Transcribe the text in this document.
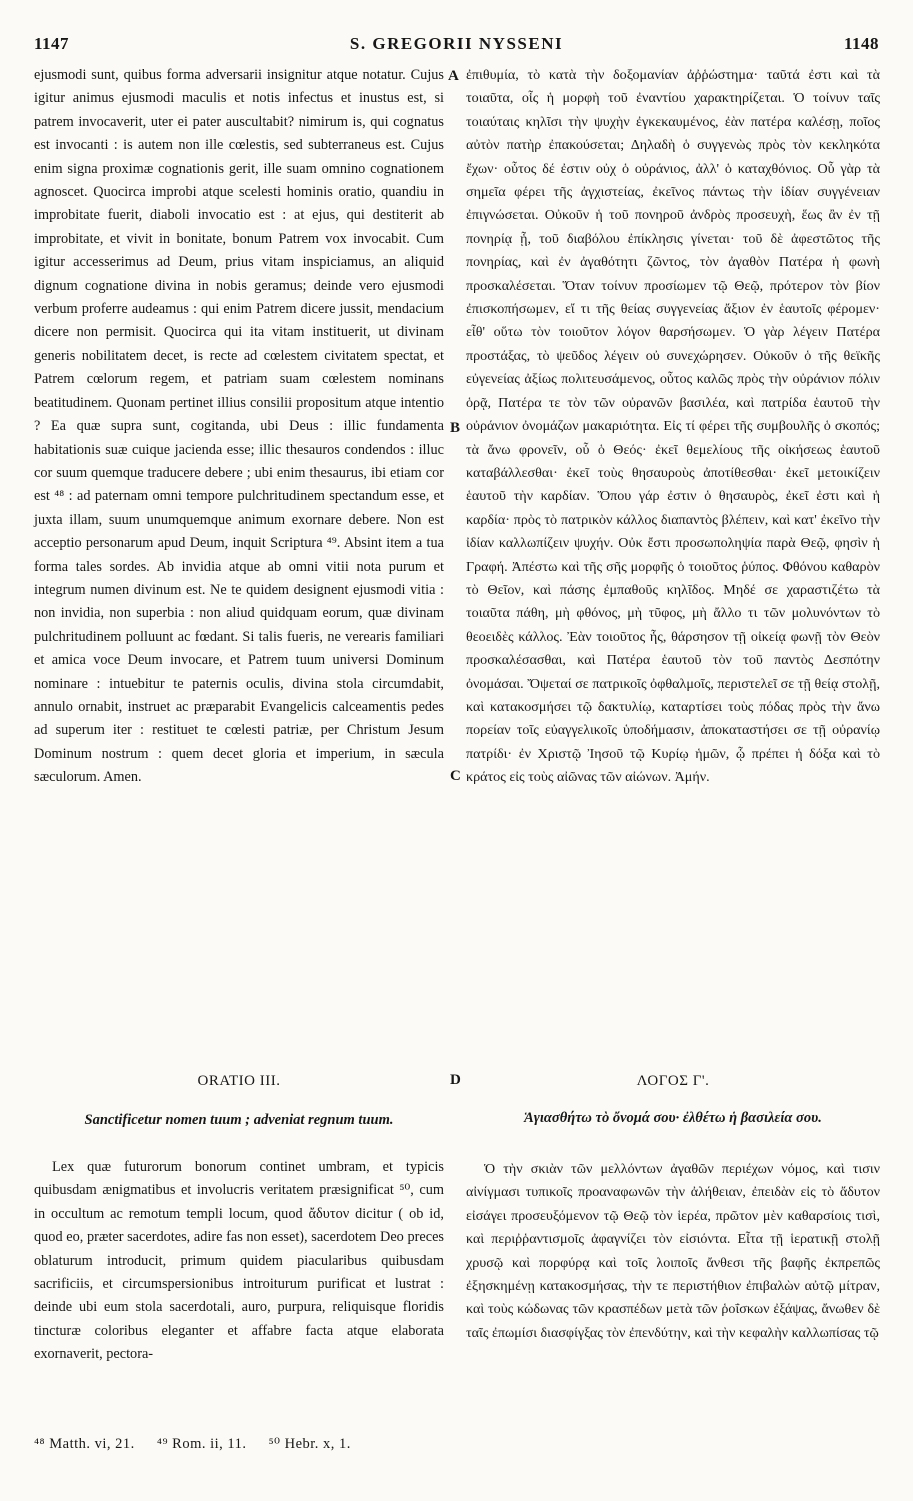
1147	S. GREGORII NYSSENI	1148

ejusmodi sunt, quibus forma adversarii insignitur atque notatur. Cujus igitur animus ejusmodi maculis et notis infectus et inustus est, si patrem invocaverit, uter ei pater auscultabit? nimirum is, qui cognatus est invocanti : is autem non ille cœlestis, sed subterraneus est. Cujus enim signa proximæ cognationis gerit, ille suam omnino cognationem agnoscet. Quocirca improbi atque scelesti hominis oratio, quandiu in improbitate fuerit, diaboli invocatio est : at ejus, qui destiterit ab improbitate, et vivit in bonitate, bonum Patrem vox invocabit. Cum igitur accesserimus ad Deum, prius vitam inspiciamus, an aliquid dignum cognatione divina in nobis geramus; deinde vero ejusmodi verbum proferre audeamus : qui enim Patrem dicere jussit, mendacium dicere non permisit. Quocirca qui ita vitam instituerit, ut divinam generis nobilitatem decet, is recte ad cœlestem civitatem spectat, et Patrem cœlorum regem, et patriam suam cœlestem nominans beatitudinem. Quonam pertinet illius consilii propositum atque intentio ? Ea quæ supra sunt, cogitanda, ubi Deus : illic fundamenta habitationis suæ cuique jacienda esse; illic thesauros condendos : illuc cor suum quemque traducere debere ; ubi enim thesaurus, ibi etiam cor est ⁴⁸ : ad paternam omni tempore pulchritudinem spectandum esse, et juxta illam, suum unumquemque animum exornare debere. Non est acceptio personarum apud Deum, inquit Scriptura ⁴⁹. Absint item a tua forma tales sordes. Ab invidia atque ab omni vitii nota purum et integrum numen divinum est. Ne te quidem designent ejusmodi vitia : non invidia, non superbia : non aliud quidquam eorum, quæ divinam pulchritudinem polluunt ac fœdant. Si talis fueris, ne verearis familiari et amica voce Deum invocare, et Patrem tuum universi Dominum nominare : intuebitur te paternis oculis, divina stola circumdabit, annulo ornabit, instruet ac præparabit Evangelicis calceamentis pedes ad superum iter : restituet te cœlesti patriæ, per Christum Jesum Dominum nostrum : quem decet gloria et imperium, in sæcula sæculorum. Amen.

ἐπιθυμία, τὸ κατὰ τὴν δοξομανίαν ἀῤῥώστημα· ταῦτά ἐστι καὶ τὰ τοιαῦτα, οἷς ἡ μορφὴ τοῦ ἐναντίου χαρακτηρίζεται. Ὁ τοίνυν ταῖς τοιαύταις κηλῖσι τὴν ψυχὴν ἐγκεκαυμένος, ἐὰν πατέρα καλέσῃ, ποῖος αὐτὸν πατὴρ ἐπακούσεται; Δηλαδὴ ὁ συγγενὼς πρὸς τὸν κεκληκότα ἔχων· οὗτος δέ ἐστιν οὐχ ὁ οὐράνιος, ἀλλ' ὁ καταχθόνιος. Οὗ γὰρ τὰ σημεῖα φέρει τῆς ἀγχιστείας, ἐκεῖνος πάντως τὴν ἰδίαν συγγένειαν ἐπιγνώσεται. Οὐκοῦν ἡ τοῦ πονηροῦ ἀνδρὸς προσευχὴ, ἕως ἂν ἐν τῇ πονηρίᾳ ᾖ, τοῦ διαβόλου ἐπίκλησις γίνεται· τοῦ δὲ ἀφεστῶτος τῆς πονηρίας, καὶ ἐν ἀγαθότητι ζῶντος, τὸν ἀγαθὸν Πατέρα ἡ φωνὴ προσκαλέσεται. Ὅταν τοίνυν προσίωμεν τῷ Θεῷ, πρότερον τὸν βίον ἐπισκοπήσωμεν, εἴ τι τῆς θείας συγγενείας ἄξιον ἐν ἑαυτοῖς φέρομεν· εἶθ' οὕτω τὸν τοιοῦτον λόγον θαρσήσωμεν. Ὁ γὰρ λέγειν Πατέρα προστάξας, τὸ ψεῦδος λέγειν οὐ συνεχώρησεν. Οὐκοῦν ὁ τῆς θεϊκῆς εὐγενείας ἀξίως πολιτευσάμενος, οὗτος καλῶς πρὸς τὴν οὐράνιον πόλιν ὁρᾷ, Πατέρα τε τὸν τῶν οὐρανῶν βασιλέα, καὶ πατρίδα ἑαυτοῦ τὴν οὐράνιον ὀνομάζων μακαριότητα. Εἰς τί φέρει τῆς συμβουλῆς ὁ σκοπός; τὰ ἄνω φρονεῖν, οὗ ὁ Θεός· ἐκεῖ θεμελίους τῆς οἰκήσεως ἑαυτοῦ καταβάλλεσθαι· ἐκεῖ τοὺς θησαυροὺς ἀποτίθεσθαι· ἐκεῖ μετοικίζειν ἑαυτοῦ τὴν καρδίαν. Ὅπου γάρ ἐστιν ὁ θησαυρὸς, ἐκεῖ ἐστι καὶ ἡ καρδία· πρὸς τὸ πατρικὸν κάλλος διαπαντὸς βλέπειν, καὶ κατ' ἐκεῖνο τὴν ἰδίαν καλλωπίζειν ψυχήν. Οὐκ ἔστι προσωποληψία παρὰ Θεῷ, φησὶν ἡ Γραφή. Ἀπέστω καὶ τῆς σῆς μορφῆς ὁ τοιοῦτος ῥύπος. Φθόνου καθαρὸν τὸ Θεῖον, καὶ πάσης ἐμπαθοῦς κηλῖδος. Μηδέ σε χαραστιζέτω τὰ τοιαῦτα πάθη, μὴ φθόνος, μὴ τῦφος, μὴ ἄλλο τι τῶν μολυνόντων τὸ θεοειδὲς κάλλος. Ἐὰν τοιοῦτος ἦς, θάρσησον τῇ οἰκείᾳ φωνῇ τὸν Θεὸν προσκαλέσασθαι, καὶ Πατέρα ἑαυτοῦ τὸν τοῦ παντὸς Δεσπότην ὀνομάσαι. Ὄψεταί σε πατρικοῖς ὀφθαλμοῖς, περιστελεῖ σε τῇ θείᾳ στολῇ, καὶ κατακοσμήσει τῷ δακτυλίῳ, καταρτίσει τοὺς πόδας πρὸς τὴν ἄνω πορείαν τοῖς εὐαγγελικοῖς ὑποδήμασιν, ἀποκαταστήσει σε τῇ οὐρανίῳ πατρίδι· ἐν Χριστῷ Ἰησοῦ τῷ Κυρίῳ ἡμῶν, ᾧ πρέπει ἡ δόξα καὶ τὸ κράτος εἰς τοὺς αἰῶνας τῶν αἰώνων. Ἀμήν.

A
B
C
D
ORATIO III.	ΛΟΓΟΣ Γ'.
Sanctificetur nomen tuum ; adveniat regnum tuum.	Ἁγιασθήτω τὸ ὄνομά σου· ἐλθέτω ἡ βασιλεία σου.

Lex quæ futurorum bonorum continet umbram, et typicis quibusdam ænigmatibus et involucris veritatem præsignificat ⁵⁰, cum in occultum ac remotum templi locum, quod ἄδυτον dicitur ( ob id, quod eo, præter sacerdotes, adire fas non esset), sacerdotem Deo preces oblaturum introducit, primum quidem piacularibus quibusdam sacrificiis, et circumspersionibus introiturum purificat et lustrat : deinde ubi eum stola sacerdotali, auro, purpura, reliquisque floridis tincturæ coloribus eleganter et affabre facta atque elaborata exornaverit, pectora-

Ὁ τὴν σκιὰν τῶν μελλόντων ἀγαθῶν περιέχων νόμος, καὶ τισιν αἰνίγμασι τυπικοῖς προαναφωνῶν τὴν ἀλήθειαν, ἐπειδὰν εἰς τὸ ἄδυτον εἰσάγει προσευξόμενον τῷ Θεῷ τὸν ἱερέα, πρῶτον μὲν καθαρσίοις τισὶ, καὶ περιῤῥαντισμοῖς ἀφαγνίζει τὸν εἰσιόντα. Εἶτα τῇ ἱερατικῇ στολῇ χρυσῷ καὶ πορφύρᾳ καὶ τοῖς λοιποῖς ἄνθεσι τῆς βαφῆς ἐκπρεπῶς ἐξησκημένῃ κατακοσμήσας, τὴν τε περιστήθιον ἐπιβαλὼν αὐτῷ μίτραν, καὶ τοὺς κώδωνας τῶν κρασπέδων μετὰ τῶν ῥοΐσκων ἐξάψας, ἄνωθεν δὲ ταῖς ἐπωμίσι διασφίγξας τὸν ἐπενδύτην, καὶ τὴν κεφαλὴν καλλωπίσας τῷ

⁴⁸ Matth. vi, 21. ⁴⁹ Rom. ii, 11. ⁵⁰ Hebr. x, 1.
